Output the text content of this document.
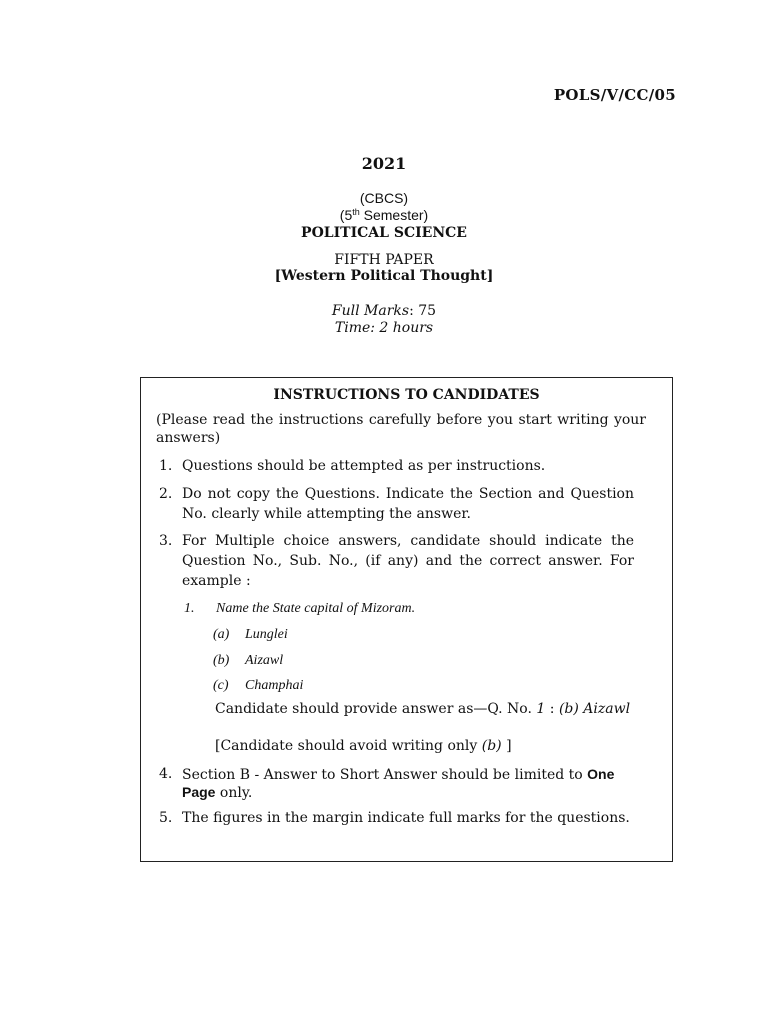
POLS/V/CC/05
2021
(CBCS)
(5th Semester)
POLITICAL SCIENCE
FIFTH PAPER
[Western Political Thought]
Full Marks: 75
Time: 2 hours
INSTRUCTIONS TO CANDIDATES
(Please read the instructions carefully before you start writing your answers)
1. Questions should be attempted as per instructions.
2. Do not copy the Questions. Indicate the Section and Question No. clearly while attempting the answer.
3. For Multiple choice answers, candidate should indicate the Question No., Sub. No., (if any) and the correct answer. For example :
1. Name the State capital of Mizoram.
(a) Lunglei
(b) Aizawl
(c) Champhai
Candidate should provide answer as—Q. No. 1 : (b) Aizawl
[Candidate should avoid writing only (b) ]
4. Section B - Answer to Short Answer should be limited to One Page only.
5. The figures in the margin indicate full marks for the questions.
